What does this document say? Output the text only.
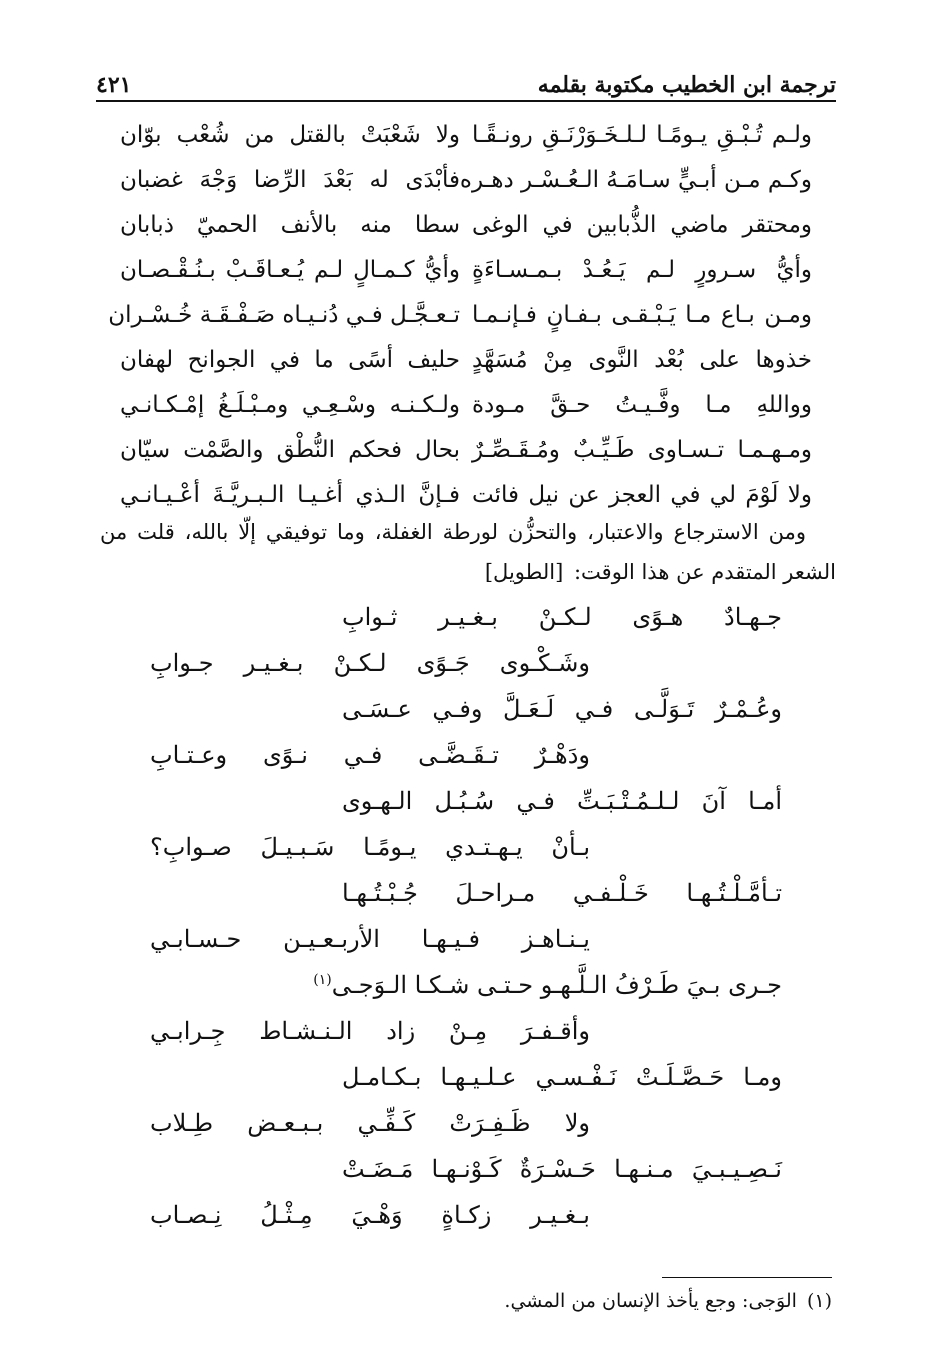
ترجمة ابن الخطيب مكتوبة بقلمه
٤٢١
ولـم تُـبْـقِ يـومًـا لـلـخَـوَرْنَـقِ رونـقًـا
ولا شَعْبَتْ بالقتل من شُعْب بوّان
وكـم مـن أبـيٍّ سـامَـهُ الـعُـسْـر دهـره
فأبْدَى له بَعْدَ الرِّضا وَجْهَ غضبان
ومحتقر ماضي الذُّبابين في الوغى
سطا منه بالأنف الحميّ ذبابان
وأيُّ سـرورٍ لـم يَـعُـدْ بـمـسـاءَةٍ
وأيُّ كـمـالٍ لـم يُـعـاقَـبْ بـنُـقْـصـان
ومـن بـاع مـا يَـبْـقـى بـفـانٍ فـإنـمـا
تـعـجَّـل فـي دُنـيـاه صَـفْـقَـة خُـسْـران
خذوها على بُعْد النَّوى مِنْ مُسَهَّدٍ
حليف أسًى ما في الجوانح لهفان
وواللهِ مـا وفَّـيـتُ حـقَّ مـودة
ولـكـنـه وسْـعِـي ومـبْـلَـغُ إمْـكـانـي
ومـهـمـا تـسـاوى طَـيِّـبٌ ومُـقَـصِّـرٌ
بحال فحكم النُّطْق والصَّمْت سيّان
ولا لَوْمَ لي في العجز عن نيل فائت
فـإنَّ الـذي أغـيـا الـبـريَّـةَ أعْـيـانـي

ومن الاسترجاع والاعتبار، والتحزُّن لورطة الغفلة، وما توفيقي إلّا بالله، قلت من الشعر المتقدم عن هذا الوقت: [الطويل]

جـهـادٌ هـوًى لـكـنْ بـغـيـر ثـوابِ
وشَـكْـوى جَـوًى لـكـنْ بـغـيـر جـوابِ
وعُـمْـرٌ تَـوَلَّـى فـي لَـعَـلَّ وفـي عـسَـى
ودَهْـرٌ تـقَـضَّـى فـي نـوًى وعـتـابِ
أمـا آنَ لـلـمُـتْـبَـتِّ فـي سُـبُـل الـهـوى
بـأنْ يـهـتـدي يـومًـا سَـبـيـلَ صـوابِ؟
تـأمَّـلْـتُـهـا خَـلْـفـي مـراحـلَ جُـبْـتُـهـا
يـنـاهـز فـيـهـا الأربـعـيـن حـسـابـي
جـرى بـيَ طَـرْفُ الـلَّـهـو حـتـى شـكـا الـوَجـى$^{(١)}$
وأقـفـرَ مِـنْ زاد الـنـشـاط جِـرابـي
ومـا حَـصَّـلَـتْ نَـفْـسـي عـلـيـهـا بـكـامـل
ولا ظَـفِـرَتْ كَـفِّـي بـبـعـض طِـلاب
نَـصِـيـبـيَ مـنـهـا حَـسْـرَةٌ كَـوْنـهـا مَـضَـتْ
بـغـيـر زكـاةٍ وَهْـيَ مِـثْـلُ نِـصـاب
(١)الوَجى: وجع يأخذ الإنسان من المشي.
